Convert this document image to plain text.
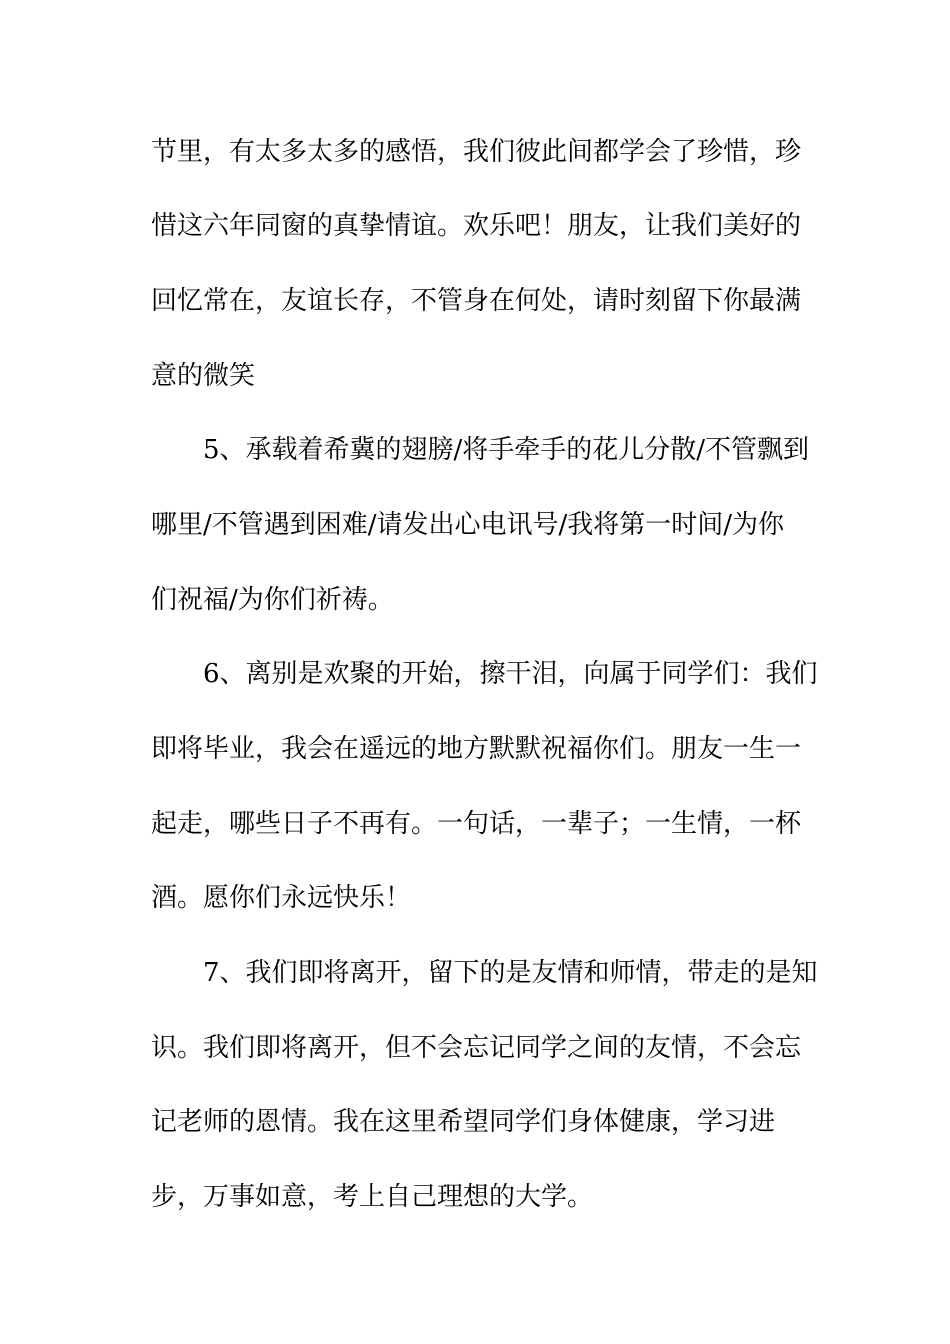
节里，有太多太多的感悟，我们彼此间都学会了珍惜，珍
惜这六年同窗的真挚情谊。欢乐吧！朋友，让我们美好的
回忆常在，友谊长存，不管身在何处，请时刻留下你最满
意的微笑
5、承载着希冀的翅膀/将手牵手的花儿分散/不管飘到
哪里/不管遇到困难/请发出心电讯号/我将第一时间/为你
们祝福/为你们祈祷。
6、离别是欢聚的开始，擦干泪，向属于同学们：我们
即将毕业，我会在遥远的地方默默祝福你们。朋友一生一
起走，哪些日子不再有。一句话，一辈子；一生情，一杯
酒。愿你们永远快乐！
7、我们即将离开，留下的是友情和师情，带走的是知
识。我们即将离开，但不会忘记同学之间的友情，不会忘
记老师的恩情。我在这里希望同学们身体健康，学习进
步，万事如意，考上自己理想的大学。
